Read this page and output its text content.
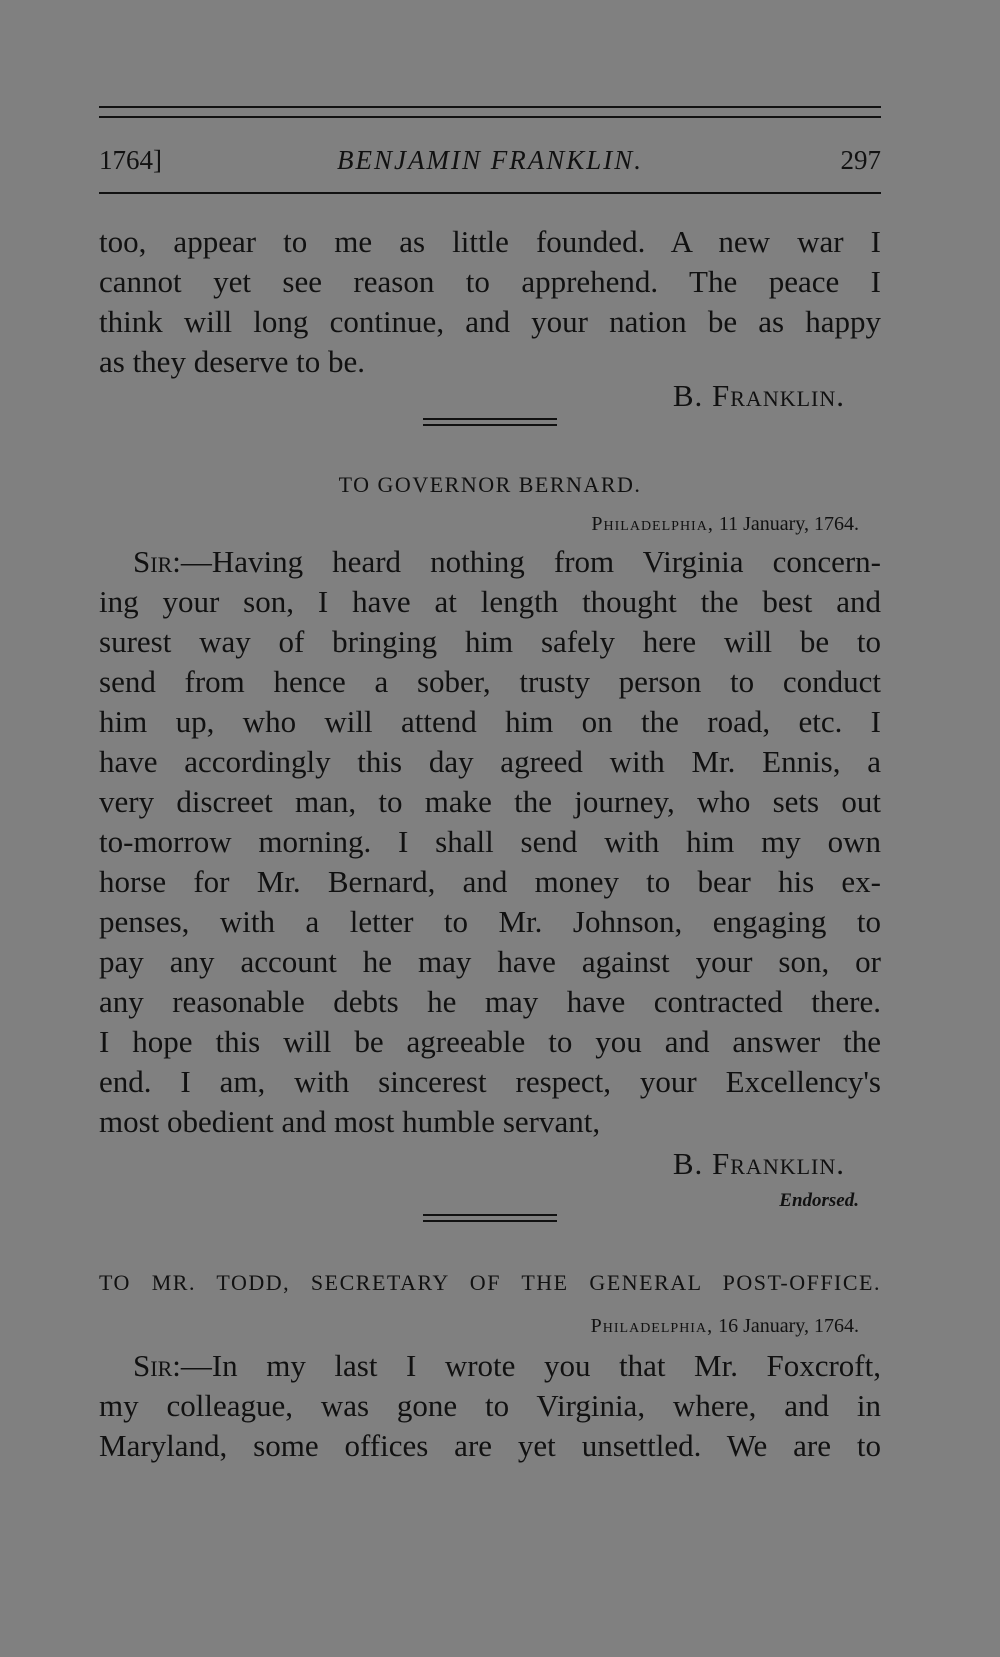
1764]	BENJAMIN FRANKLIN.	297
too, appear to me as little founded. A new war I
cannot yet see reason to apprehend. The peace I
think will long continue, and your nation be as happy
as they deserve to be.
B. Franklin.
TO GOVERNOR BERNARD.
Philadelphia, 11 January, 1764.
Sir:—Having heard nothing from Virginia concern-
ing your son, I have at length thought the best and
surest way of bringing him safely here will be to
send from hence a sober, trusty person to conduct
him up, who will attend him on the road, etc. I
have accordingly this day agreed with Mr. Ennis, a
very discreet man, to make the journey, who sets out
to-morrow morning. I shall send with him my own
horse for Mr. Bernard, and money to bear his ex-
penses, with a letter to Mr. Johnson, engaging to
pay any account he may have against your son, or
any reasonable debts he may have contracted there.
I hope this will be agreeable to you and answer the
end. I am, with sincerest respect, your Excellency's
most obedient and most humble servant,
B. Franklin.
Endorsed.
TO MR. TODD, SECRETARY OF THE GENERAL POST-OFFICE.
Philadelphia, 16 January, 1764.
Sir:—In my last I wrote you that Mr. Foxcroft,
my colleague, was gone to Virginia, where, and in
Maryland, some offices are yet unsettled. We are to
